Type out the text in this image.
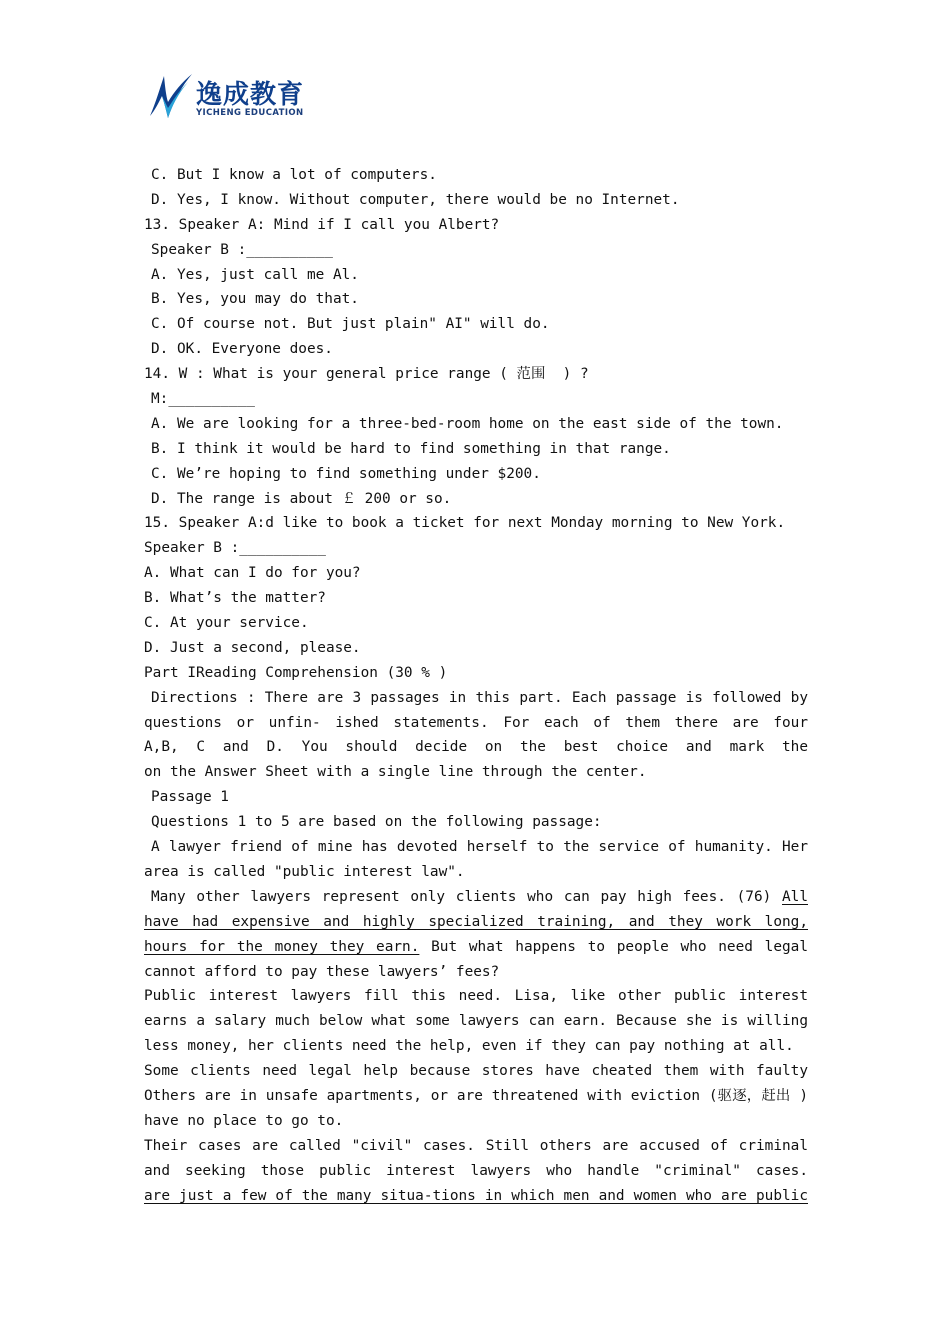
逸成教育
YICHENG EDUCATION
C. But I know a lot of computers.
D. Yes, I know. Without computer, there would be no Internet.
13. Speaker A: Mind if I call you Albert?
Speaker B :__________
A. Yes, just call me Al.
B. Yes, you may do that.
C. Of course not. But just plain" AI" will do.
D. OK. Everyone does.
14. W : What is your general price range ( 范围  ) ?
M:__________
A. We are looking for a three-bed-room home on the east side of the town.
B. I think it would be hard to find something in that range.
C. We’re hoping to find something under $200.
D. The range is about ￡ 200 or so.
15. Speaker A:d like to book a ticket for next Monday morning to New York.
Speaker B :__________
A. What can I do for you?
B. What’s the matter?
C. At your service.
D. Just a second, please.
Part IReading Comprehension (30 % )
Directions : There are 3 passages in this part. Each passage is followed by
questions or unfin- ished statements. For each of them there are four
A,B, C and D. You should decide on the best choice and mark the
on the Answer Sheet with a single line through the center.
Passage 1
Questions 1 to 5 are based on the following passage:
A lawyer friend of mine has devoted herself to the service of humanity. Her
area is called "public interest law".
Many other lawyers represent only clients who can pay high fees. (76) All
have had expensive and highly specialized training, and they work long,
hours for the money they earn. But what happens to people who need legal
cannot afford to pay these lawyers’ fees?
Public interest lawyers fill this need. Lisa, like other public interest
earns a salary much below what some lawyers can earn. Because she is willing
less money, her clients need the help, even if they can pay nothing at all.
Some clients need legal help because stores have cheated them with faulty
Others are in unsafe apartments, or are threatened with eviction (驱逐，赶出 )
have no place to go to.
Their cases are called "civil" cases. Still others are accused of criminal
and seeking those public interest lawyers who handle "criminal" cases.
are just a few of the many situa-tions in which men and women who are public
